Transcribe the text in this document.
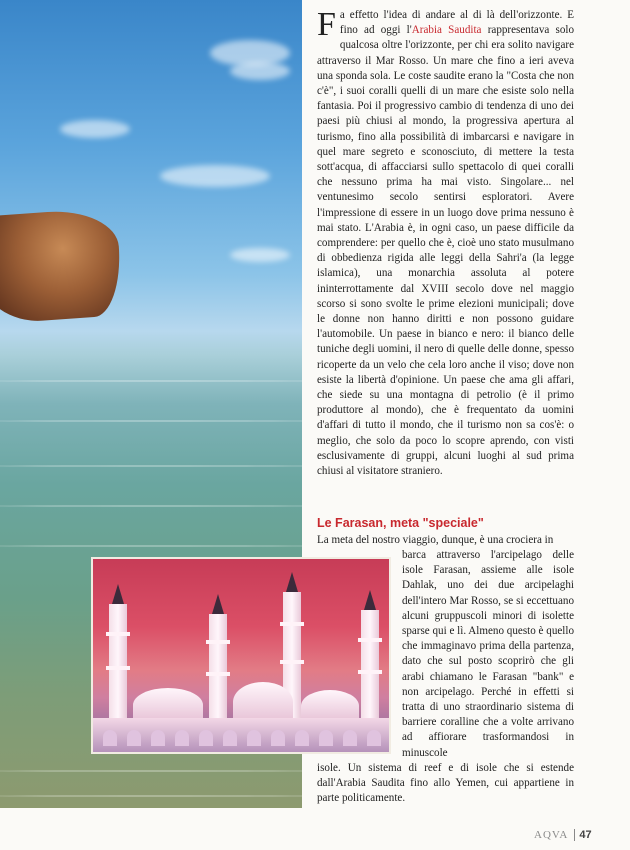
Fa effetto l'idea di andare al di là dell'orizzonte. E fino ad oggi l'Arabia Saudita rappresentava solo qualcosa oltre l'orizzonte, per chi era solito navigare attraverso il Mar Rosso. Un mare che fino a ieri aveva una sponda sola. Le coste saudite erano la "Costa che non c'è", i suoi coralli quelli di un mare che esiste solo nella fantasia. Poi il progressivo cambio di tendenza di uno dei paesi più chiusi al mondo, la progressiva apertura al turismo, fino alla possibilità di imbarcarsi e navigare in quel mare segreto e sconosciuto, di mettere la testa sott'acqua, di affacciarsi sullo spettacolo di quei coralli che nessuno prima ha mai visto. Singolare... nel ventunesimo secolo sentirsi esploratori. Avere l'impressione di essere in un luogo dove prima nessuno è mai stato. L'Arabia è, in ogni caso, un paese difficile da comprendere: per quello che è, cioè uno stato musulmano di obbedienza rigida alle leggi della Sahri'a (la legge islamica), una monarchia assoluta al potere ininterrottamente dal XVIII secolo dove nel maggio scorso si sono svolte le prime elezioni municipali; dove le donne non hanno diritti e non possono guidare l'automobile. Un paese in bianco e nero: il bianco delle tuniche degli uomini, il nero di quelle delle donne, spesso ricoperte da un velo che cela loro anche il viso; dove non esiste la libertà d'opinione. Un paese che ama gli affari, che siede su una montagna di petrolio (è il primo produttore al mondo), che è frequentato da uomini d'affari di tutto il mondo, che il turismo non sa cos'è: o meglio, che solo da poco lo scopre aprendo, con visti esclusivamente di gruppi, alcuni luoghi al sud prima chiusi al visitatore straniero.

Le Farasan, meta "speciale"
La meta del nostro viaggio, dunque, è una crociera in
barca attraverso l'arcipelago delle isole Farasan, assieme alle isole Dahlak, uno dei due arcipelaghi dell'intero Mar Rosso, se si eccettuano alcuni gruppuscoli minori di isolette sparse qui e lì. Almeno questo è quello che immaginavo prima della partenza, dato che sul posto scoprirò che gli arabi chiamano le Farasan "bank" e non arcipelago. Perché in effetti si tratta di uno straordinario sistema di barriere coralline che a volte arrivano ad affiorare trasformandosi in minuscole
isole. Un sistema di reef e di isole che si estende dall'Arabia Saudita fino allo Yemen, cui appartiene in parte politicamente.
AQVA 47
